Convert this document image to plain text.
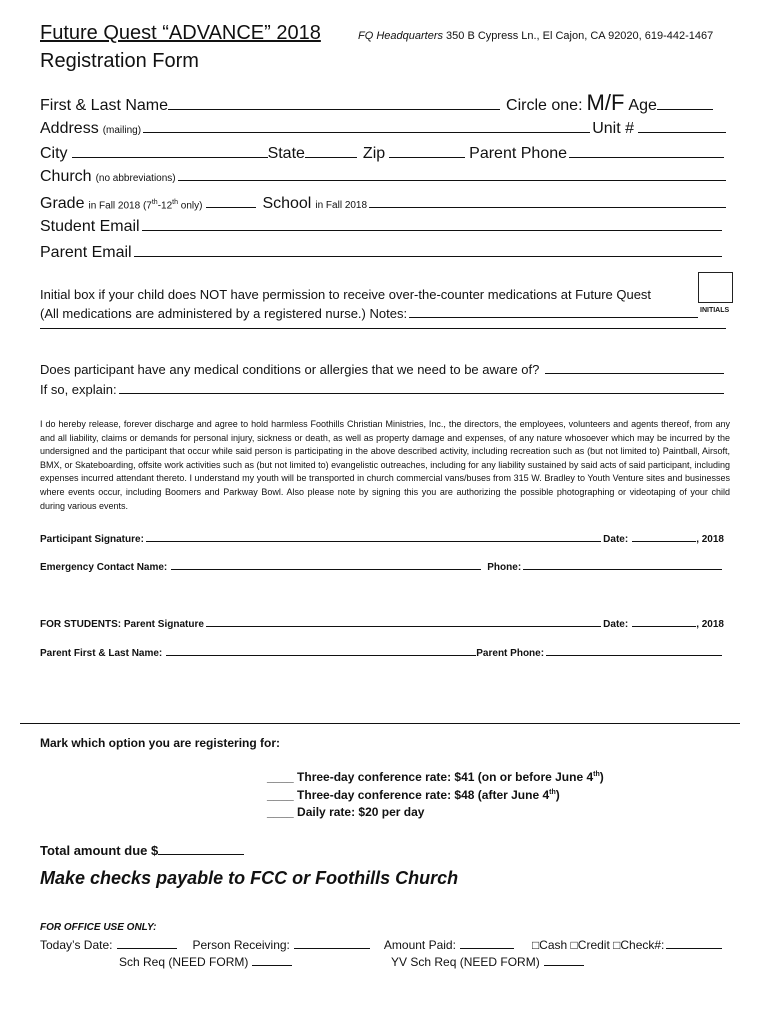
Future Quest “ADVANCE” 2018	FQ Headquarters 350 B Cypress Ln., El Cajon, CA 92020, 619-442-1467
Registration Form
First & Last Name	Circle one: M/F Age
Address (mailing)	Unit #
City	State	Zip	Parent Phone
Church (no abbreviations)
Grade in Fall 2018 (7th-12th only)	School in Fall 2018
Student Email
Parent Email
Initial box if your child does NOT have permission to receive over-the-counter medications at Future Quest
(All medications are administered by a registered nurse.) Notes:	INITIALS
Does participant have any medical conditions or allergies that we need to be aware of?
If so, explain:
I do hereby release, forever discharge and agree to hold harmless Foothills Christian Ministries, Inc., the directors, the employees, volunteers and agents thereof, from any and all liability, claims or demands for personal injury, sickness or death, as well as property damage and expenses, of any nature whosoever which may be incurred by the undersigned and the participant that occur while said person is participating in the above described activity, including recreation such as (but not limited to) Paintball, Airsoft, BMX, or Skateboarding, offsite work activities such as (but not limited to) evangelistic outreaches, including for any liability sustained by said acts of said participant, including expenses incurred attendant thereto. I understand my youth will be transported in church commercial vans/buses from 315 W. Bradley to Youth Venture sites and businesses where events occur, including Boomers and Parkway Bowl. Also please note by signing this you are authorizing the possible photographing or videotaping of your child during various events.
Participant Signature:	Date:	, 2018
Emergency Contact Name:	Phone:
FOR STUDENTS: Parent Signature	Date:	, 2018
Parent First & Last Name:	Parent Phone:
Mark which option you are registering for:
____ Three-day conference rate: $41 (on or before June 4th)
____ Three-day conference rate: $48 (after June 4th)
____ Daily rate: $20 per day
Total amount due $
Make checks payable to FCC or Foothills Church
FOR OFFICE USE ONLY:
Today’s Date:	Person Receiving:	Amount Paid:	□Cash □Credit □Check#:
Sch Req (NEED FORM)	YV Sch Req (NEED FORM)
